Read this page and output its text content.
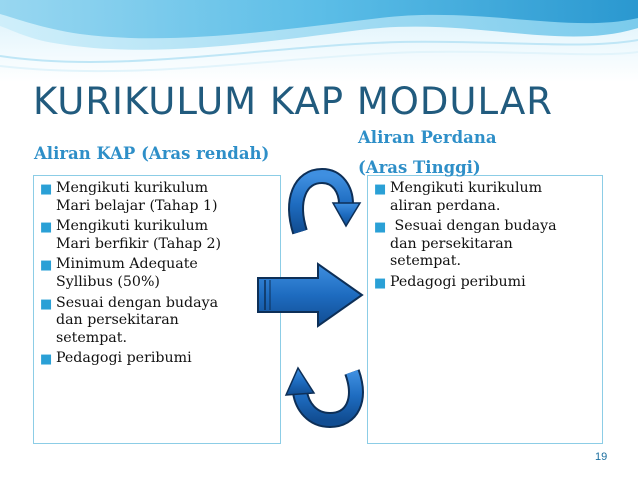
KURIKULUM KAP MODULAR
Aliran KAP (Aras rendah)
Aliran Perdana
■ Mengikuti kurikulum
Mari belajar (Tahap 1)
■ Mengikuti kurikulum
Mari berfikir (Tahap 2)
■ Minimum Adequate
Syllibus (50%)
■ Sesuai dengan budaya
dan persekitaran
setempat.
■ Pedagogi peribumi
■ Mengikuti kurikulum
aliran perdana.
■ Sesuai dengan budaya
dan persekitaran
setempat.
■ Pedagogi peribumi
(Aras Tinggi)
19
